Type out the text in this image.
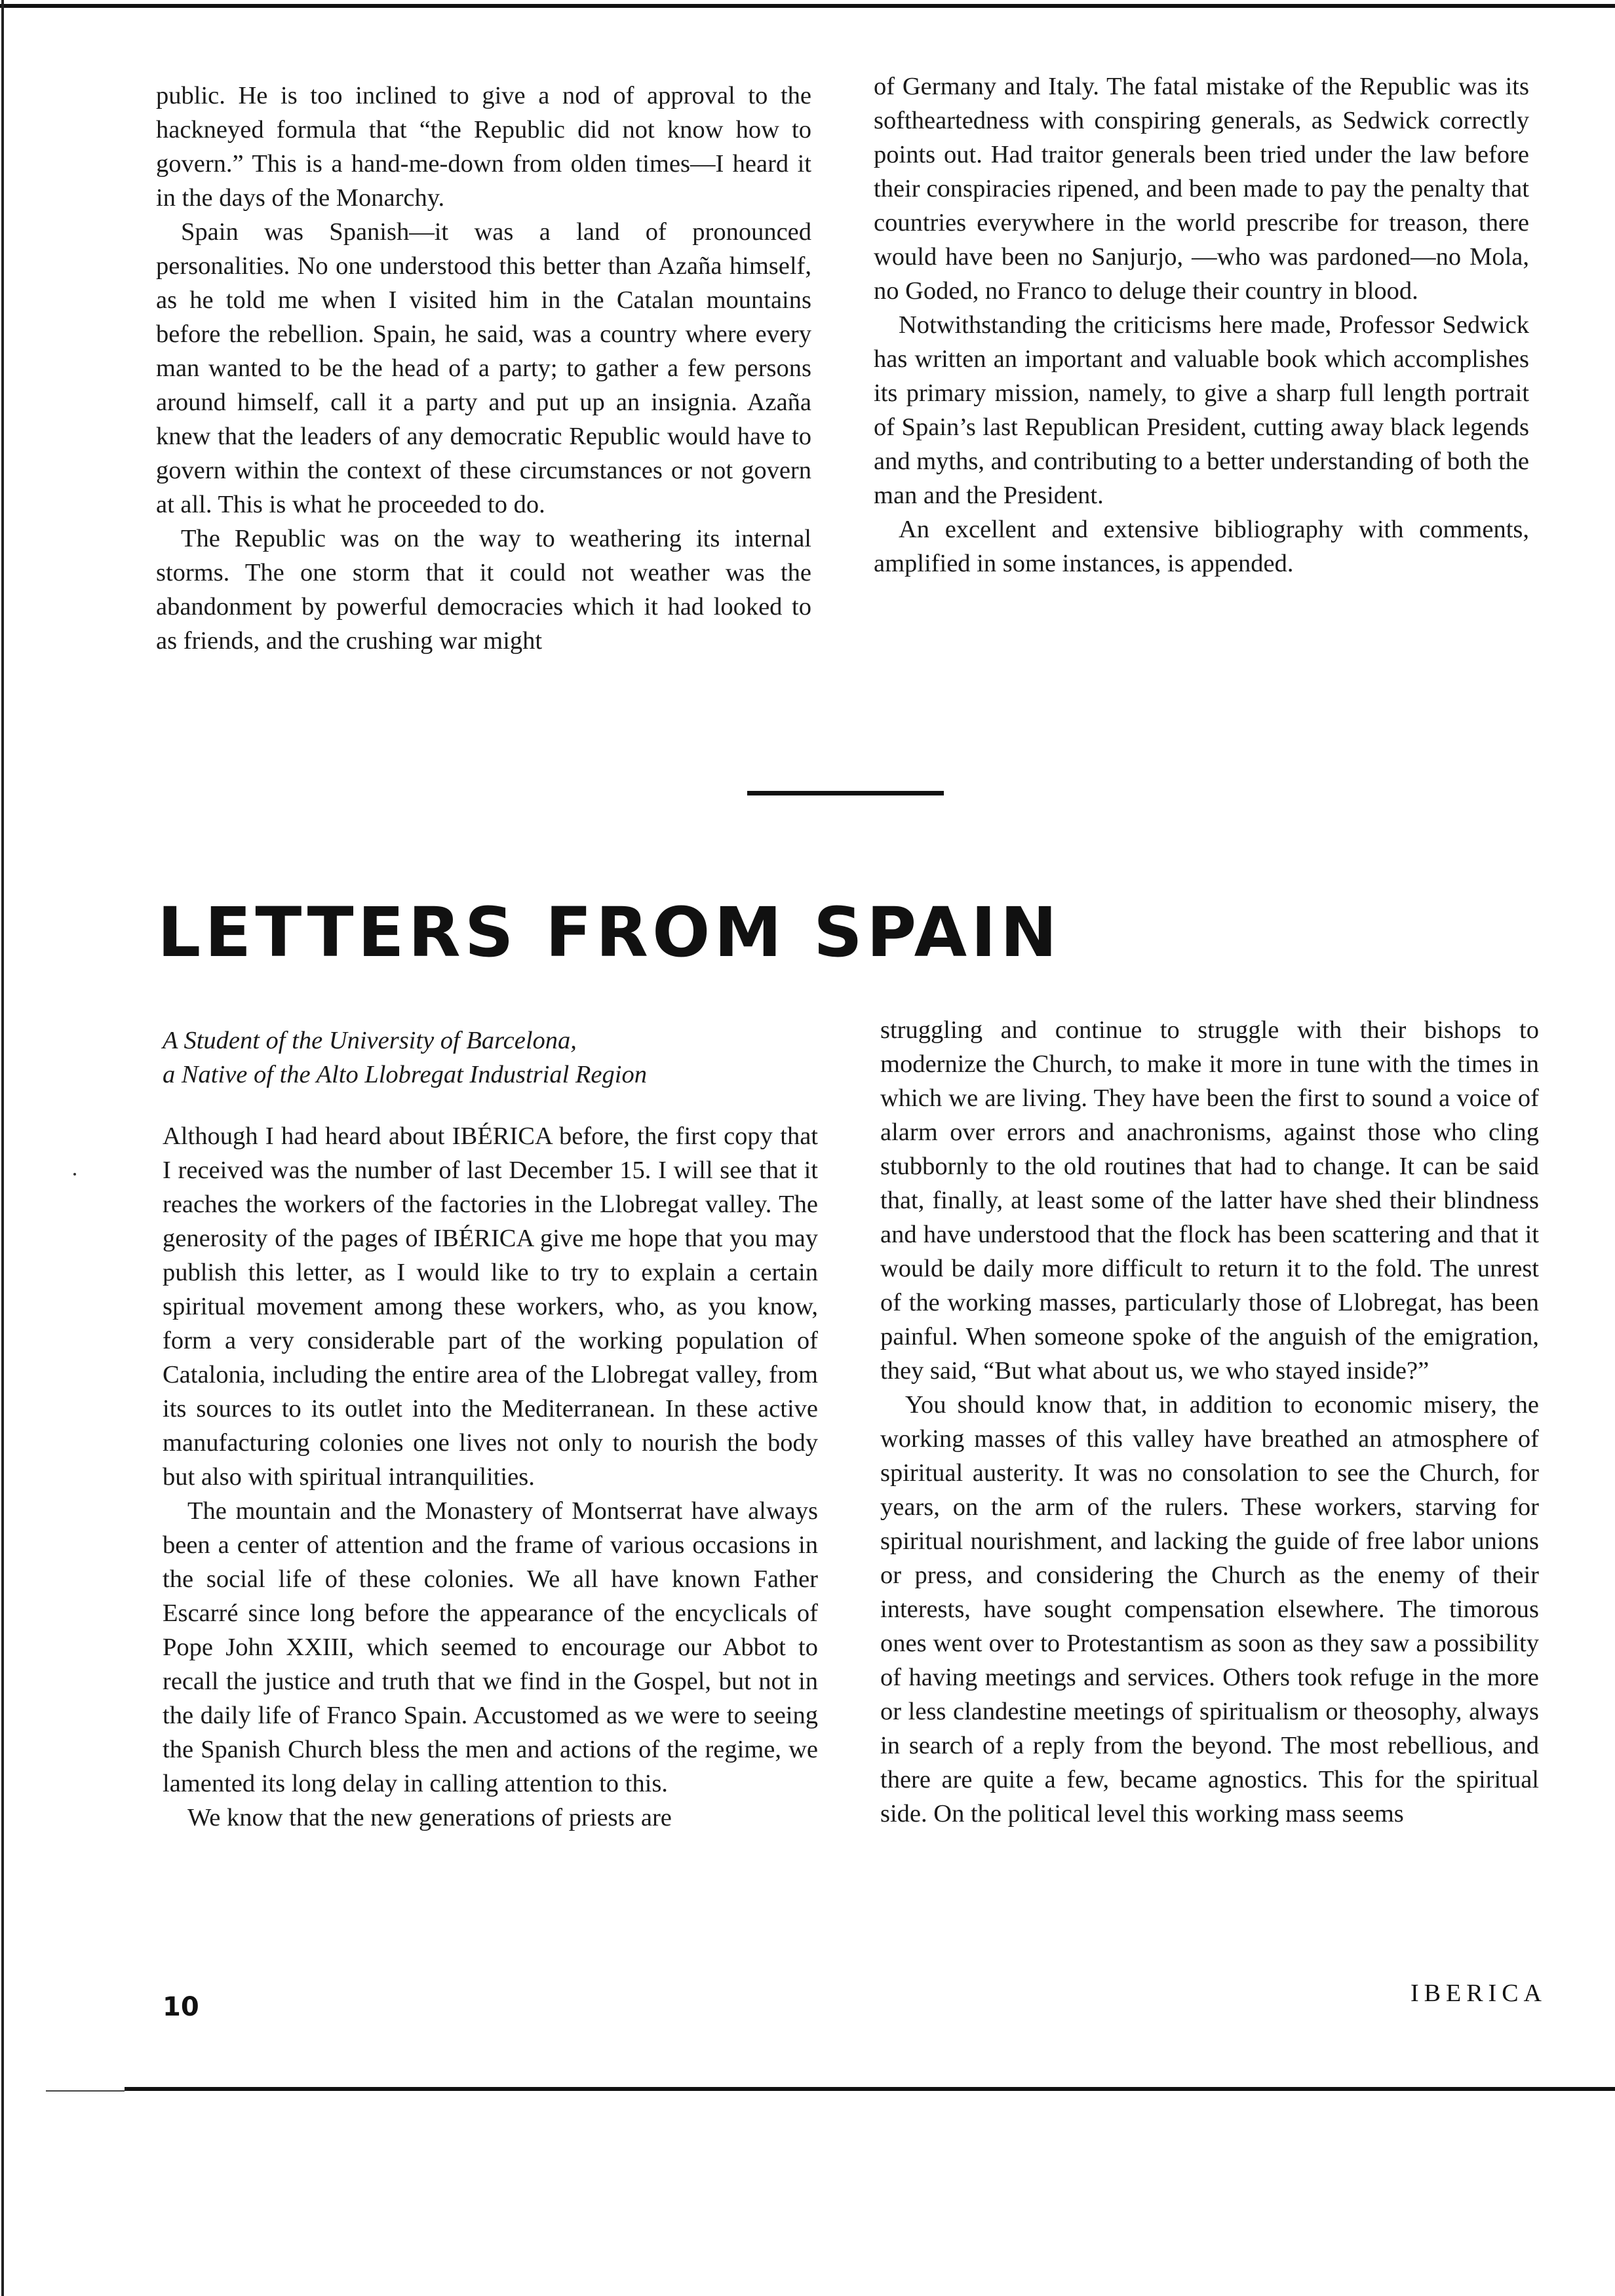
public. He is too inclined to give a nod of approval to the hackneyed formula that “the Republic did not know how to govern.” This is a hand-me-down from olden times—I heard it in the days of the Monarchy.

Spain was Spanish—it was a land of pronounced personalities. No one understood this better than Azaña himself, as he told me when I visited him in the Catalan mountains before the rebellion. Spain, he said, was a country where every man wanted to be the head of a party; to gather a few persons around himself, call it a party and put up an insignia. Azaña knew that the leaders of any democratic Republic would have to govern within the context of these circumstances or not govern at all. This is what he proceeded to do.

The Republic was on the way to weathering its internal storms. The one storm that it could not weather was the abandonment by powerful democracies which it had looked to as friends, and the crushing war might

of Germany and Italy. The fatal mistake of the Republic was its softheartedness with conspiring generals, as Sedwick correctly points out. Had traitor generals been tried under the law before their conspiracies ripened, and been made to pay the penalty that countries everywhere in the world prescribe for treason, there would have been no Sanjurjo, —who was pardoned—no Mola, no Goded, no Franco to deluge their country in blood.

Notwithstanding the criticisms here made, Professor Sedwick has written an important and valuable book which accomplishes its primary mission, namely, to give a sharp full length portrait of Spain’s last Republican President, cutting away black legends and myths, and contributing to a better understanding of both the man and the President.

An excellent and extensive bibliography with comments, amplified in some instances, is appended.

LETTERS FROM SPAIN
A Student of the University of Barcelona,
a Native of the Alto Llobregat Industrial Region

Although I had heard about IBÉRICA before, the first copy that I received was the number of last December 15. I will see that it reaches the workers of the factories in the Llobregat valley. The generosity of the pages of IBÉRICA give me hope that you may publish this letter, as I would like to try to explain a certain spiritual movement among these workers, who, as you know, form a very considerable part of the working population of Catalonia, including the entire area of the Llobregat valley, from its sources to its outlet into the Mediterranean. In these active manufacturing colonies one lives not only to nourish the body but also with spiritual intranquilities.

The mountain and the Monastery of Montserrat have always been a center of attention and the frame of various occasions in the social life of these colonies. We all have known Father Escarré since long before the appearance of the encyclicals of Pope John XXIII, which seemed to encourage our Abbot to recall the justice and truth that we find in the Gospel, but not in the daily life of Franco Spain. Accustomed as we were to seeing the Spanish Church bless the men and actions of the regime, we lamented its long delay in calling attention to this.

We know that the new generations of priests are

struggling and continue to struggle with their bishops to modernize the Church, to make it more in tune with the times in which we are living. They have been the first to sound a voice of alarm over errors and anachronisms, against those who cling stubbornly to the old routines that had to change. It can be said that, finally, at least some of the latter have shed their blindness and have understood that the flock has been scattering and that it would be daily more difficult to return it to the fold. The unrest of the working masses, particularly those of Llobregat, has been painful. When someone spoke of the anguish of the emigration, they said, “But what about us, we who stayed inside?”

You should know that, in addition to economic misery, the working masses of this valley have breathed an atmosphere of spiritual austerity. It was no consolation to see the Church, for years, on the arm of the rulers. These workers, starving for spiritual nourishment, and lacking the guide of free labor unions or press, and considering the Church as the enemy of their interests, have sought compensation elsewhere. The timorous ones went over to Protestantism as soon as they saw a possibility of having meetings and services. Others took refuge in the more or less clandestine meetings of spiritualism or theosophy, always in search of a reply from the beyond. The most rebellious, and there are quite a few, became agnostics. This for the spiritual side. On the political level this working mass seems

10	IBERICA
